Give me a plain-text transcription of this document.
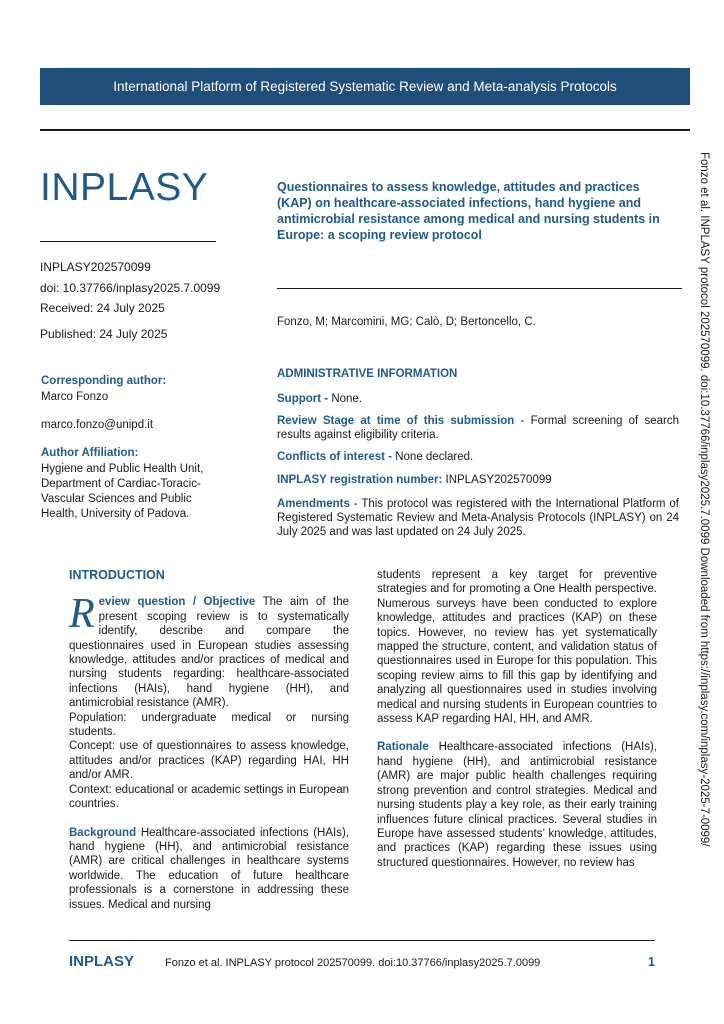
International Platform of Registered Systematic Review and Meta-analysis Protocols
INPLASY
INPLASY202570099
doi: 10.37766/inplasy2025.7.0099
Received: 24 July 2025
Published: 24 July 2025
Corresponding author:
Marco Fonzo
marco.fonzo@unipd.it
Author Affiliation:
Hygiene and Public Health Unit, Department of Cardiac-Toracic-Vascular Sciences and Public Health, University of Padova.
Questionnaires to assess knowledge, attitudes and practices (KAP) on healthcare-associated infections, hand hygiene and antimicrobial resistance among medical and nursing students in Europe: a scoping review protocol
Fonzo, M; Marcomini, MG; Calò, D; Bertoncello, C.
ADMINISTRATIVE INFORMATION
Support - None.
Review Stage at time of this submission - Formal screening of search results against eligibility criteria.
Conflicts of interest - None declared.
INPLASY registration number: INPLASY202570099
Amendments - This protocol was registered with the International Platform of Registered Systematic Review and Meta-Analysis Protocols (INPLASY) on 24 July 2025 and was last updated on 24 July 2025.

INTRODUCTION

Review question / Objective The aim of the present scoping review is to systematically identify, describe and compare the questionnaires used in European studies assessing knowledge, attitudes and/or practices of medical and nursing students regarding: healthcare-associated infections (HAIs), hand hygiene (HH), and antimicrobial resistance (AMR).

Population: undergraduate medical or nursing students.

Concept: use of questionnaires to assess knowledge, attitudes and/or practices (KAP) regarding HAI, HH and/or AMR.

Context: educational or academic settings in European countries.

Background Healthcare-associated infections (HAIs), hand hygiene (HH), and antimicrobial resistance (AMR) are critical challenges in healthcare systems worldwide. The education of future healthcare professionals is a cornerstone in addressing these issues. Medical and nursing

students represent a key target for preventive strategies and for promoting a One Health perspective. Numerous surveys have been conducted to explore knowledge, attitudes and practices (KAP) on these topics. However, no review has yet systematically mapped the structure, content, and validation status of questionnaires used in Europe for this population. This scoping review aims to fill this gap by identifying and analyzing all questionnaires used in studies involving medical and nursing students in European countries to assess KAP regarding HAI, HH, and AMR.

Rationale Healthcare-associated infections (HAIs), hand hygiene (HH), and antimicrobial resistance (AMR) are major public health challenges requiring strong prevention and control strategies. Medical and nursing students play a key role, as their early training influences future clinical practices. Several studies in Europe have assessed students’ knowledge, attitudes, and practices (KAP) regarding these issues using structured questionnaires. However, no review has

Fonzo et al. INPLASY protocol 202570099. doi:10.37766/inplasy2025.7.0099 Downloaded from https://inplasy.com/inplasy-2025-7-0099/
INPLASY	Fonzo et al. INPLASY protocol 202570099. doi:10.37766/inplasy2025.7.0099	1
